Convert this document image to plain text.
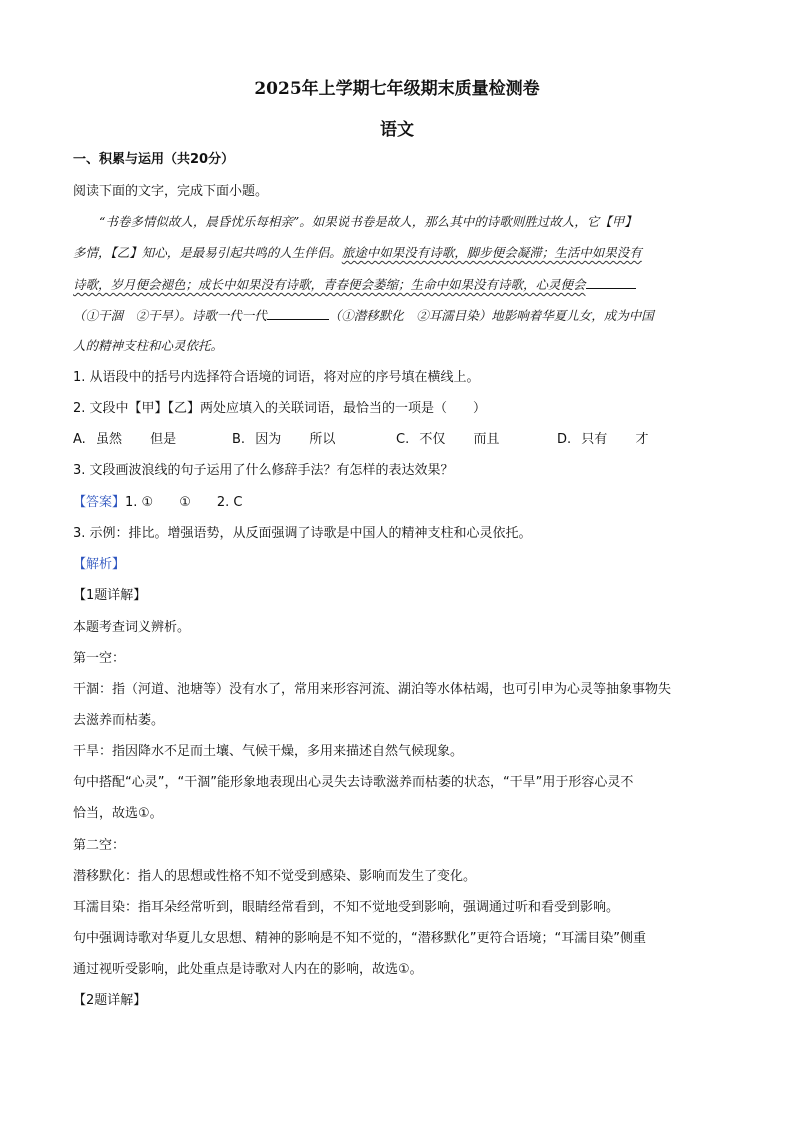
2025年上学期七年级期末质量检测卷
语文
一、积累与运用（共20分）
阅读下面的文字，完成下面小题。
“书卷多情似故人，晨昏忧乐每相亲”。如果说书卷是故人，那么其中的诗歌则胜过故人，它【甲】
多情，【乙】知心，是最易引起共鸣的人生伴侣。旅途中如果没有诗歌，脚步便会凝滞；生活中如果没有
诗歌，岁月便会褪色；成长中如果没有诗歌，青春便会萎缩；生命中如果没有诗歌，心灵便会
（①干涸　②干旱）。诗歌一代一代	（①潜移默化　②耳濡目染）地影响着华夏儿女，成为中国
人的精神支柱和心灵依托。
1. 从语段中的括号内选择符合语境的词语，将对应的序号填在横线上。
2. 文段中【甲】【乙】两处应填入的关联词语，最恰当的一项是（　　）
A. 虽然 但是	B. 因为 所以	C. 不仅 而且	D. 只有 才
3. 文段画波浪线的句子运用了什么修辞手法？有怎样的表达效果？
【答案】1. ①　　①　　2. C
3. 示例：排比。增强语势，从反面强调了诗歌是中国人的精神支柱和心灵依托。
【解析】
【1题详解】
本题考查词义辨析。
第一空：
干涸：指（河道、池塘等）没有水了，常用来形容河流、湖泊等水体枯竭，也可引申为心灵等抽象事物失
去滋养而枯萎。
干旱：指因降水不足而土壤、气候干燥，多用来描述自然气候现象。
句中搭配“心灵”，“干涸”能形象地表现出心灵失去诗歌滋养而枯萎的状态，“干旱”用于形容心灵不
恰当，故选①。
第二空：
潜移默化：指人的思想或性格不知不觉受到感染、影响而发生了变化。
耳濡目染：指耳朵经常听到，眼睛经常看到，不知不觉地受到影响，强调通过听和看受到影响。
句中强调诗歌对华夏儿女思想、精神的影响是不知不觉的，“潜移默化”更符合语境；“耳濡目染”侧重
通过视听受影响，此处重点是诗歌对人内在的影响，故选①。
【2题详解】
